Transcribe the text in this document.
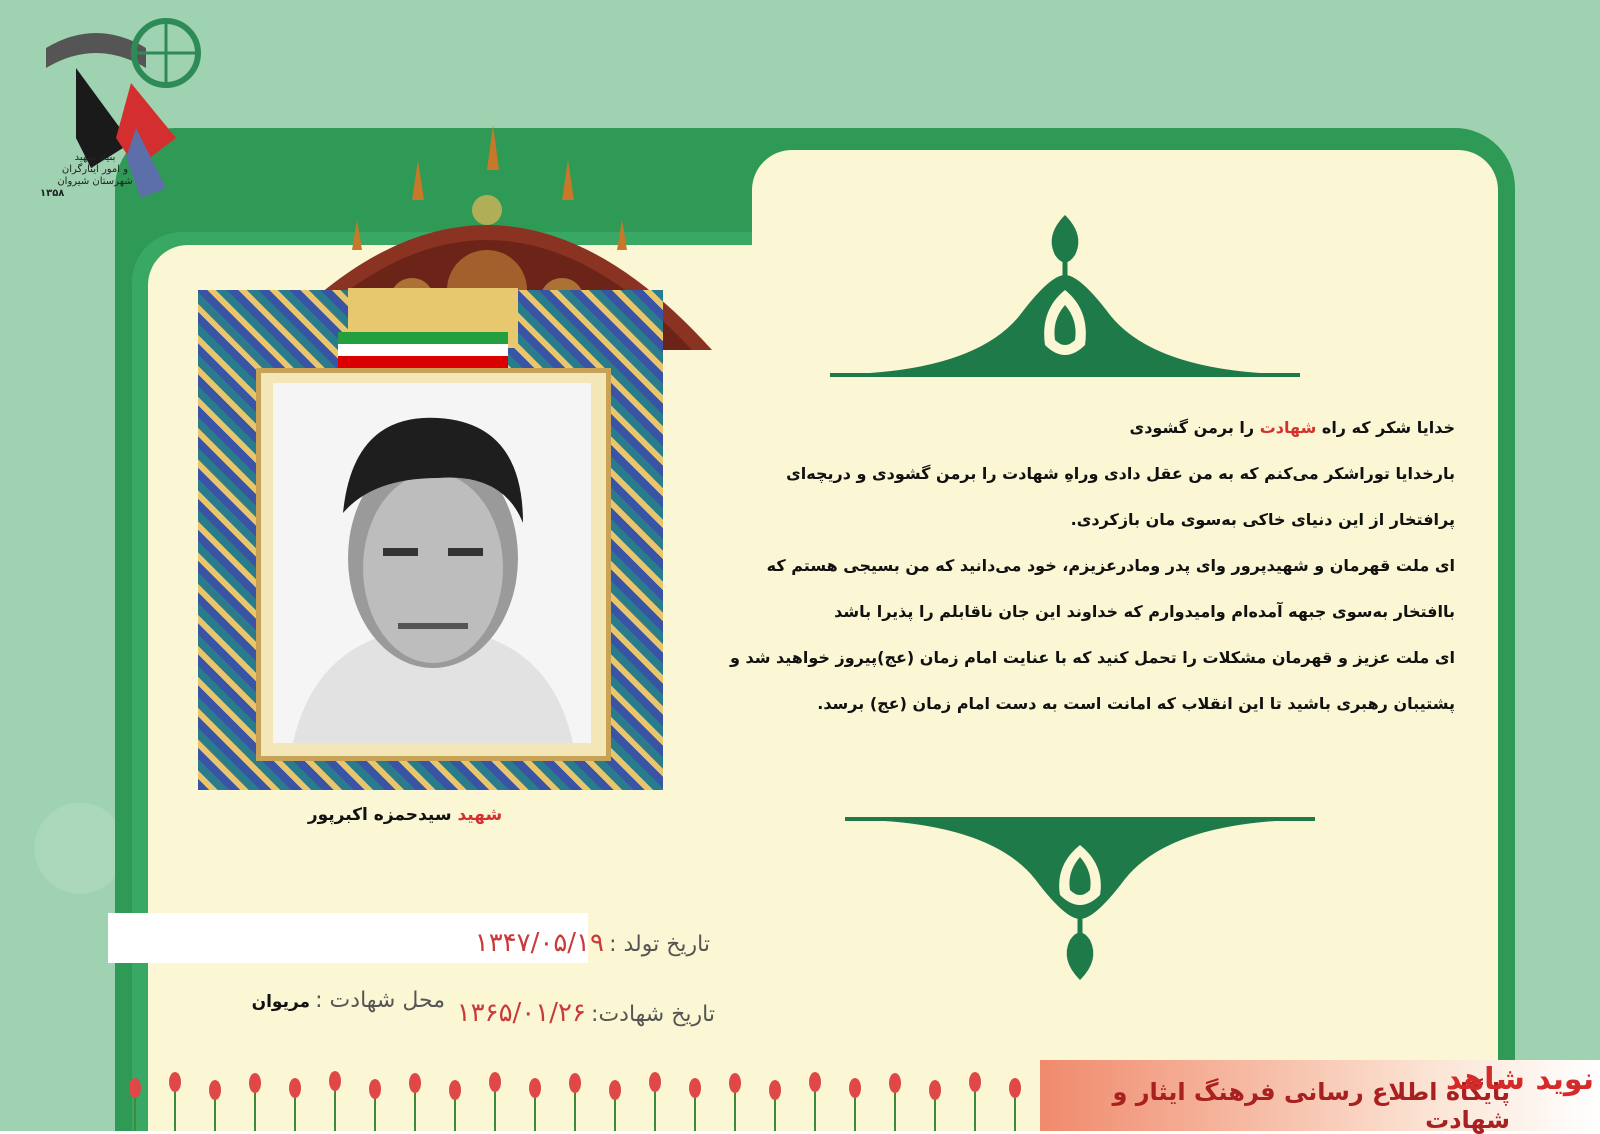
بنیاد شهید
و امور ایثارگران
شهرستان شیروان
۱۳۵۸
شهید سیدحمزه اکبرپور

خدایا شکر که راه شهادت را برمن گشودی

بارخدایا توراشکر می‌کنم که به من عقل دادی وراهِ شهادت را برمن گشودی و دریچه‌ای

پرافتخار از این دنیای خاکی به‌سوی مان بازکردی.

ای ملت قهرمان و شهیدپرور وای پدر ومادرعزیزم، خود می‌دانید که من بسیجی هستم که

باافتخار به‌سوی جبهه آمده‌ام وامیدوارم که خداوند این جان ناقابلم را پذیرا باشد

ای ملت عزیز و قهرمان مشکلات را تحمل کنید که با عنایت امام زمان (عج)پیروز خواهید شد و

پشتیبان رهبری باشید تا این انقلاب که امانت است به دست امام زمان (عج) برسد.

تاریخ تولد : ۱۳۴۷/۰۵/۱۹
تاریخ شهادت: ۱۳۶۵/۰۱/۲۶
محل شهادت : مریوان
پایگاه اطلاع رسانی فرهنگ ایثار و شهادت
نوید شاهد
